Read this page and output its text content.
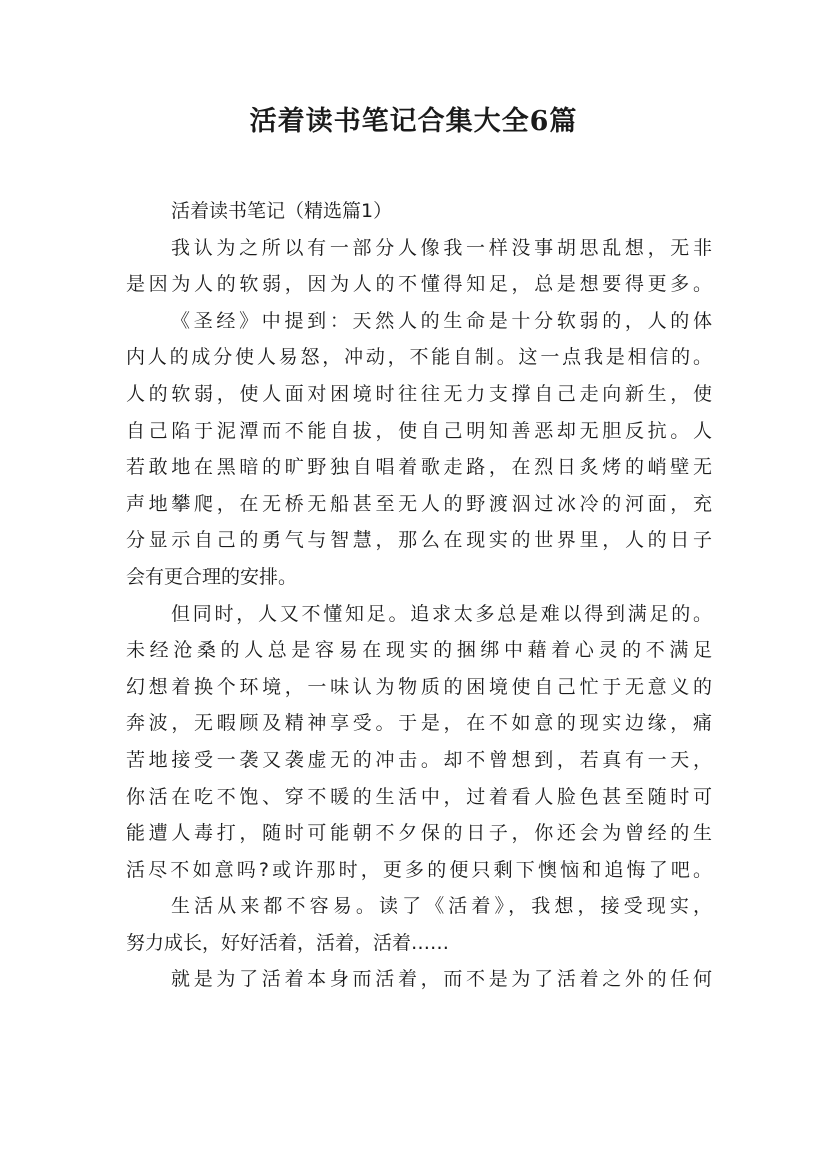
活着读书笔记合集大全6篇
活着读书笔记（精选篇1）
我认为之所以有一部分人像我一样没事胡思乱想，无非
是因为人的软弱，因为人的不懂得知足，总是想要得更多。
《圣经》中提到：天然人的生命是十分软弱的，人的体
内人的成分使人易怒，冲动，不能自制。这一点我是相信的。
人的软弱，使人面对困境时往往无力支撑自己走向新生，使
自己陷于泥潭而不能自拔，使自己明知善恶却无胆反抗。人
若敢地在黑暗的旷野独自唱着歌走路，在烈日炙烤的峭壁无
声地攀爬，在无桥无船甚至无人的野渡泅过冰冷的河面，充
分显示自己的勇气与智慧，那么在现实的世界里，人的日子
会有更合理的安排。
但同时，人又不懂知足。追求太多总是难以得到满足的。
未经沧桑的人总是容易在现实的捆绑中藉着心灵的不满足
幻想着换个环境，一味认为物质的困境使自己忙于无意义的
奔波，无暇顾及精神享受。于是，在不如意的现实边缘，痛
苦地接受一袭又袭虚无的冲击。却不曾想到，若真有一天，
你活在吃不饱、穿不暖的生活中，过着看人脸色甚至随时可
能遭人毒打，随时可能朝不夕保的日子，你还会为曾经的生
活尽不如意吗?或许那时，更多的便只剩下懊恼和追悔了吧。
生活从来都不容易。读了《活着》，我想，接受现实，
努力成长，好好活着，活着，活着……
就是为了活着本身而活着，而不是为了活着之外的任何
